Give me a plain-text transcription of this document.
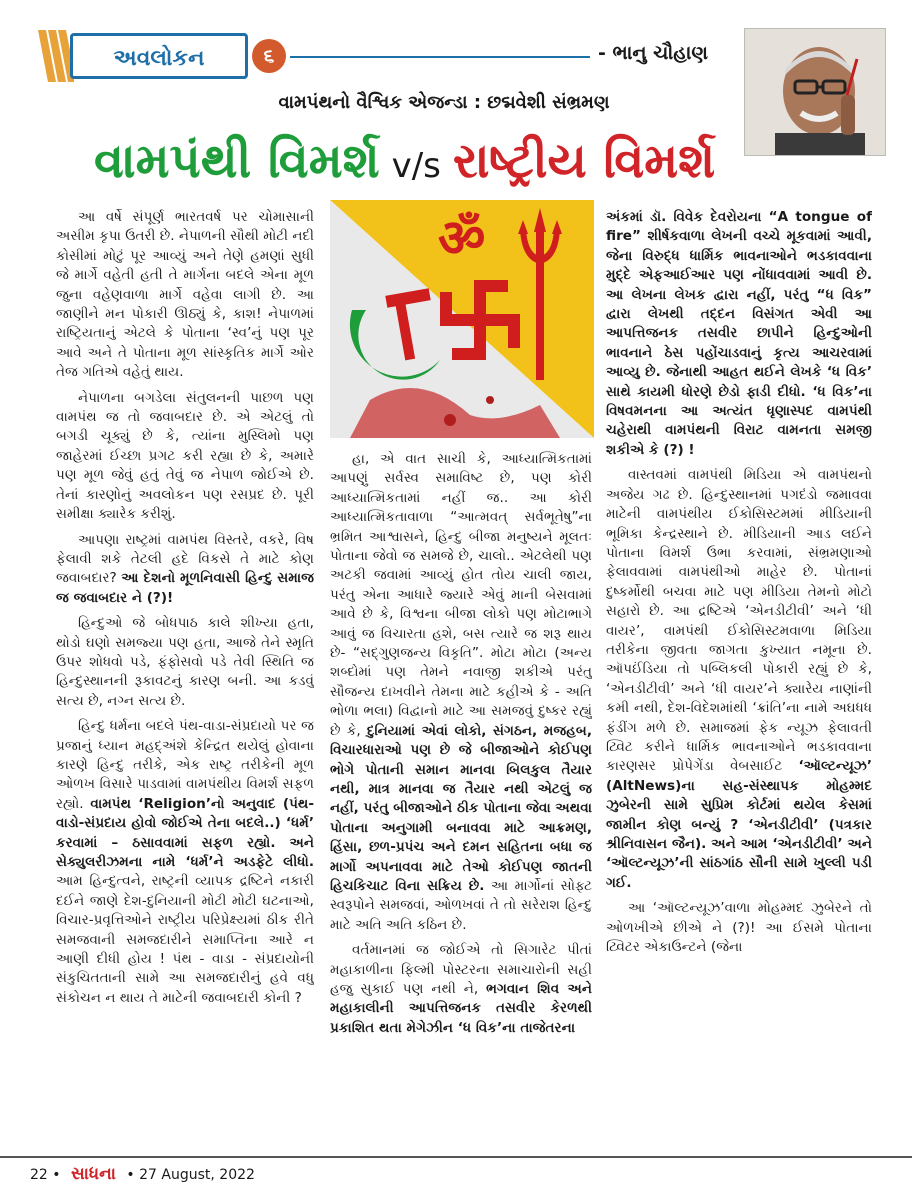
અવલોકન	૬	- ભાનુ ચૌહાણ
વામપંથનો વૈશ્વિક એજન્ડા : છદ્મવેશી સંભ્રમણ
વામપંથી વિમર્શ v/s રાષ્ટ્રીય વિમર્શ

આ વર્ષે સંપૂર્ણ ભારતવર્ષ પર ચોમાસાની અસીમ કૃપા ઉતરી છે. નેપાળની સૌથી મોટી નદી કોસીમાં મોટું પૂર આવ્યું અને તેણે હમણાં સુધી જે માર્ગે વહેતી હતી તે માર્ગના બદલે એના મૂળ જુના વહેણવાળા માર્ગે વહેવા લાગી છે. આ જાણીને મન પોકારી ઊઠ્યું કે, કાશ! નેપાળમાં રાષ્ટ્રિયતાનું એટલે કે પોતાના ‘સ્વ’નું પણ પૂર આવે અને તે પોતાના મૂળ સાંસ્કૃતિક માર્ગે ઓર તેજ ગતિએ વહેતું થાય.

નેપાળના બગડેલા સંતુલનની પાછળ પણ વામપંથ જ તો જવાબદાર છે. એ એટલું તો બગડી ચૂક્યું છે કે, ત્યાંના મુસ્લિમો પણ જાહેરમાં ઈચ્છા પ્રગટ કરી રહ્યા છે કે, અમારે પણ મૂળ જેવું હતું તેવું જ નેપાળ જોઈએ છે. તેનાં કારણોનું અવલોકન પણ રસપ્રદ છે. પૂરી સમીક્ષા ક્યારેક કરીશું.

આપણા રાષ્ટ્રમાં વામપંથ વિસ્તરે, વકરે, વિષ ફેલાવી શકે તેટલી હદે વિકસે તે માટે કોણ જવાબદાર? આ દેશનો મૂળનિવાસી હિન્દુ સમાજ જ જવાબદાર ને (?)!

હિન્દુઓ જે બોધપાઠ કાલે શીખ્યા હતા, થોડો ઘણો સમજ્યા પણ હતા, આજે તેને સ્મૃતિ ઉપર શોધવો પડે, ફંફોસવો પડે તેવી સ્થિતિ જ હિન્દુસ્થાનની રૂકાવટનું કારણ બની. આ કડવું સત્ય છે, નગ્ન સત્ય છે.

હિન્દુ ધર્મના બદલે પંથ-વાડા-સંપ્રદાયો પર જ પ્રજાનું ધ્યાન મહદ્અંશે કેન્દ્રિત થયેલું હોવાના કારણે હિન્દુ તરીકે, એક રાષ્ટ્ર તરીકેની મૂળ ઓળખ વિસારે પાડવામાં વામપંથીય વિમર્શ સફળ રહ્યો. વામપંથ ‘Religion’નો અનુવાદ (પંથ-વાડો-સંપ્રદાય હોવો જોઈએ તેના બદલે..) ‘ધર્મ’ કરવામાં – ઠસાવવામાં સફળ રહ્યો. અને સેક્યુલરીઝમના નામે ‘ધર્મ’ને અડફેટે લીધો. આમ હિન્દુત્વને, રાષ્ટ્રની વ્યાપક દ્રષ્ટિને નકારી દઈને જાણે દેશ-દુનિયાની મોટી મોટી ઘટનાઓ, વિચાર-પ્રવૃત્તિઓને રાષ્ટ્રીય પરિપ્રેક્ષ્યમાં ઠીક રીતે સમજવાની સમજદારીને સમાપ્તિના આરે ન આણી દીધી હોય ! પંથ - વાડા - સંપ્રદાયોની સંકુચિતતાની સામે આ સમજદારીનું હવે વધુ સંકોચન ન થાય તે માટેની જવાબદારી કોની ?

ॐ

હા, એ વાત સાચી કે, આધ્યાત્મિકતામાં આપણું સર્વસ્વ સમાવિષ્ટ છે, પણ કોરી આધ્યાત્મિકતામાં નહીં જ.. આ કોરી આધ્યાત્મિકતાવાળા “આત્મવત્ સર્વભૂતેષુ”ના ભ્રમિત આશ્વાસને, હિન્દુ બીજા મનુષ્યને મૂલતઃ પોતાના જેવો જ સમજે છે, ચાલો.. એટલેથી પણ અટકી જવામાં આવ્યું હોત તોય ચાલી જાય, પરંતુ એના આધારે જ્યારે એવું માની બેસવામાં આવે છે કે, વિશ્વના બીજા લોકો પણ મોટાભાગે આવું જ વિચારતા હશે, બસ ત્યારે જ શરૂ થાય છે- “સદ્ગુણજન્ય વિકૃતિ”. મોટા મોટા (અન્ય શબ્દોમાં પણ તેમને નવાજી શકીએ પરંતુ સૌજન્ય દાખવીને તેમના માટે કહીએ કે - અતિ ભોળા ભલા) વિદ્વાનો માટે આ સમજવું દુષ્કર રહ્યું છે કે, દુનિયામાં એવાં લોકો, સંગઠન, મજહબ, વિચારધારાઓ પણ છે જે બીજાઓને કોઈપણ ભોગે પોતાની સમાન માનવા બિલકુલ તૈયાર નથી, માત્ર માનવા જ તૈયાર નથી એટલું જ નહીં, પરંતુ બીજાઓને ઠીક પોતાના જેવા અથવા પોતાના અનુગામી બનાવવા માટે આક્રમણ, હિંસા, છળ-પ્રપંચ અને દમન સહિતના બધા જ માર્ગો અપનાવવા માટે તેઓ કોઈપણ જાતની હિચકિચાટ વિના સક્રિય છે. આ માર્ગોનાં સોફ્ટ સ્વરૂપોને સમજવાં, ઓળખવાં તે તો સરેરાશ હિન્દુ માટે અતિ અતિ કઠિન છે.

વર્તમાનમાં જ જોઈએ તો સિગારેટ પીતાં મહાકાળીના ફિલ્મી પોસ્ટરના સમાચારોની સહી હજુ સુકાઈ પણ નથી ને, ભગવાન શિવ અને મહાકાલીની આપત્તિજનક તસવીર કેરળથી પ્રકાશિત થતા મેગેઝીન ‘ધ વિક’ના તાજેતરના

અંકમાં ડૉ. વિવેક દેવરોયના “A tongue of fire” શીર્ષકવાળા લેખની વચ્ચે મૂકવામાં આવી, જેના વિરુદ્ધ ધાર્મિક ભાવનાઓને ભડકાવવાના મુદ્દે એફઆઈઆર પણ નોંધાવવામાં આવી છે. આ લેખના લેખક દ્વારા નહીં, પરંતુ “ધ વિક” દ્વારા લેખથી તદ્દન વિસંગત એવી આ આપત્તિજનક તસવીર છાપીને હિન્દુઓની ભાવનાને ઠેસ પહોંચાડવાનું કૃત્ય આચરવામાં આવ્યુ છે. જેનાથી આહત થઈને લેખકે ‘ધ વિક’ સાથે કાયમી ધોરણે છેડો ફાડી દીધો. ‘ધ વિક’ના વિષવમનના આ અત્યંત ધૃણાસ્પદ વામપંથી ચહેરાથી વામપંથની વિરાટ વામનતા સમજી શકીએ કે (?) !

વાસ્તવમાં વામપંથી મિડિયા એ વામપંથનો અજેય ગઢ છે. હિન્દુસ્થાનમાં પગદંડો જમાવવા માટેની વામપંથીય ઈકોસિસ્ટમમાં મીડિયાની ભૂમિકા કેન્દ્રસ્થાને છે. મીડિયાની આડ લઈને પોતાના વિમર્શ ઉભા કરવામાં, સંભ્રમણાઓ ફેલાવવામાં વામપંથીઓ માહેર છે. પોતાનાં દુષ્કર્મોથી બચવા માટે પણ મીડિયા તેમનો મોટો સહારો છે. આ દ્રષ્ટિએ ‘એનડીટીવી’ અને ‘ધી વાયર’, વામપંથી ઈકોસિસ્ટમવાળા મિડિયા તરીકેના જીવતા જાગતા કુખ્યાત નમૂના છે. ઑપઈંડિયા તો પબ્લિકલી પોકારી રહ્યું છે કે, ‘એનડીટીવી’ અને ‘ધી વાયર’ને ક્યારેય નાણાંની કમી નથી, દેશ-વિદેશમાંથી ‘ક્રાંતિ’ના નામે અઘધધ ફંડીંગ મળે છે. સમાજમાં ફેક ન્યૂઝ ફેલાવતી ટ્વિટ કરીને ધાર્મિક ભાવનાઓને ભડકાવવાના કારણસર પ્રોપેગેંડા વેબસાઈટ ‘ઑલ્ટન્યૂઝ’ (AltNews)ના સહ-સંસ્થાપક મોહમ્મદ ઝુબેરની સામે સુપ્રિમ કોર્ટમાં થયેલ કેસમાં જામીન કોણ બન્યું ? ‘એનડીટીવી’ (પત્રકાર શ્રીનિવાસન જૈન). અને આમ ‘એનડીટીવી’ અને ‘ઑલ્ટન્યૂઝ’ની સાંઠગાંઠ સૌની સામે ખુલ્લી પડી ગઈ.

આ ‘ઑલ્ટન્યૂઝ’વાળા મોહમ્મદ ઝુબેરને તો ઓળખીએ છીએ ને (?)! આ ઈસમે પોતાના ટ્વિટર એકાઉન્ટને (જેના

22 • સાધના • 27 August, 2022
